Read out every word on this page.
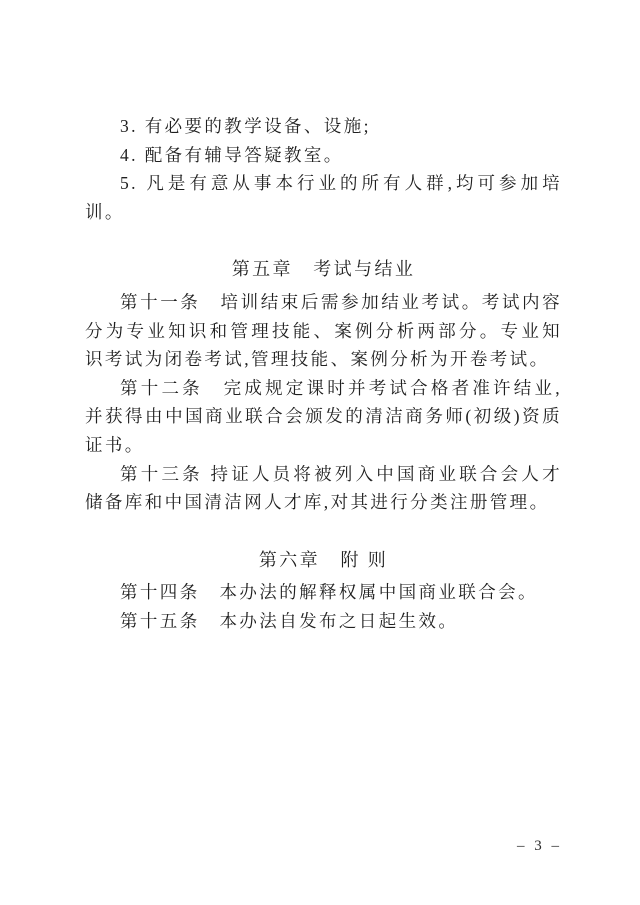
3. 有必要的教学设备、设施;

4. 配备有辅导答疑教室。

5. 凡是有意从事本行业的所有人群,均可参加培训。

第五章　考试与结业

第十一条　培训结束后需参加结业考试。考试内容分为专业知识和管理技能、案例分析两部分。专业知识考试为闭卷考试,管理技能、案例分析为开卷考试。

第十二条　完成规定课时并考试合格者准许结业,并获得由中国商业联合会颁发的清洁商务师(初级)资质证书。

第十三条 持证人员将被列入中国商业联合会人才储备库和中国清洁网人才库,对其进行分类注册管理。

第六章　附 则

第十四条　本办法的解释权属中国商业联合会。

第十五条　本办法自发布之日起生效。

– 3 –
